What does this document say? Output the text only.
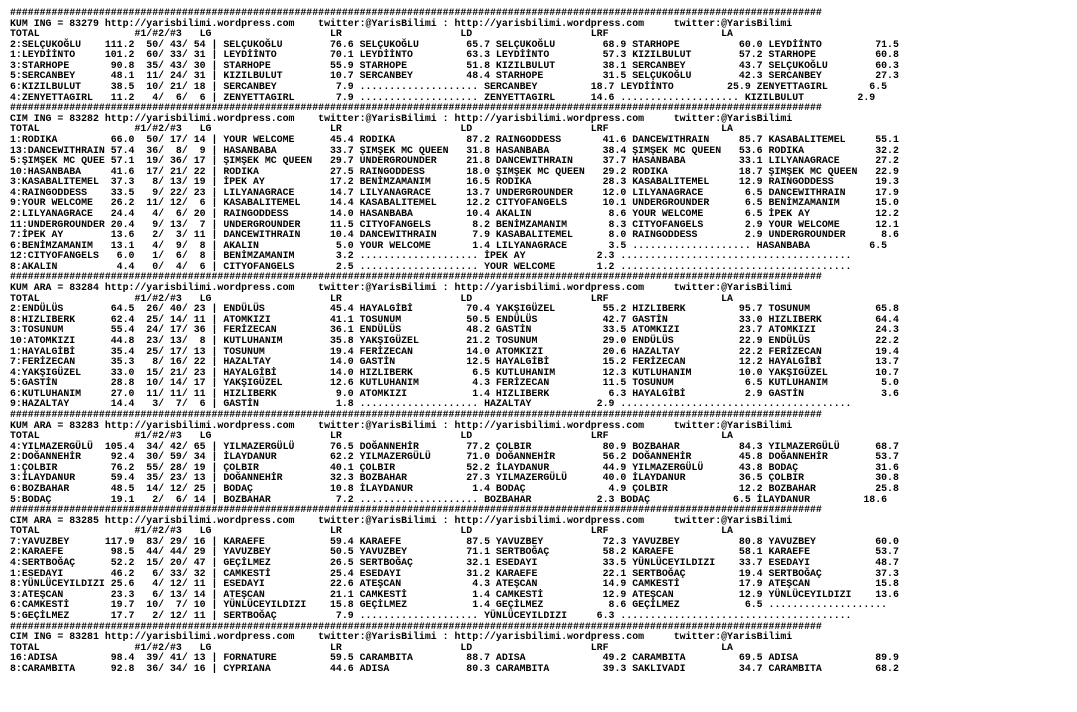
#########################################################################################################################################
KUM ING = 83279 http://yarisbilimi.wordpress.com    twitter:@YarisBilimi : http://yarisbilimi.wordpress.com     twitter:@YarisBilimi
TOTAL                #1/#2/#3   LG                    LR                    LD                    LRF                   LA
2:SELÇUKOĞLU    111.2  50/ 43/ 54 | SELÇUKOĞLU        76.6 SELÇUKOĞLU        65.7 SELÇUKOĞLU        68.9 STARHOPE          60.0 LEYDİİNTO         71.5
1:LEYDİİNTO     101.2  60/ 33/ 31 | LEYDİİNTO         70.1 LEYDİİNTO         63.3 LEYDİİNTO         57.3 KIZILBULUT        57.2 STARHOPE          60.8
3:STARHOPE       90.8  35/ 43/ 30 | STARHOPE          55.9 STARHOPE          51.8 KIZILBULUT        38.1 SERCANBEY         43.7 SELÇUKOĞLU        60.3
5:SERCANBEY      48.1  11/ 24/ 31 | KIZILBULUT        10.7 SERCANBEY         48.4 STARHOPE          31.5 SELÇUKOĞLU        42.3 SERCANBEY         27.3
6:KIZILBULUT     38.5  10/ 21/ 18 | SERCANBEY          7.9 .................... SERCANBEY         18.7 LEYDİİNTO         25.9 ZENYETTAGIRL       6.5
4:ZENYETTAGIRL   11.2   4/  6/  6 | ZENYETTAGIRL       7.9 .................... ZENYETTAGIRL      14.6 .................... KIZILBULUT         2.9
#########################################################################################################################################
CIM ING = 83282 http://yarisbilimi.wordpress.com    twitter:@YarisBilimi : http://yarisbilimi.wordpress.com     twitter:@YarisBilimi
TOTAL                #1/#2/#3   LG                    LR                    LD                    LRF                   LA
1:RODIKA         66.0  50/ 17/ 14 | YOUR WELCOME      45.4 RODIKA            87.2 RAINGODDESS       41.6 DANCEWITHRAIN     85.7 KASABALITEMEL     55.1
13:DANCEWITHRAIN 57.4  36/  8/  9 | HASANBABA         33.7 ŞIMŞEK MC QUEEN   31.8 HASANBABA         38.4 ŞIMŞEK MC QUEEN   53.6 RODIKA            32.2
5:ŞIMŞEK MC QUEE 57.1  19/ 36/ 17 | ŞIMŞEK MC QUEEN   29.7 UNDERGROUNDER     21.8 DANCEWITHRAIN     37.7 HASANBABA         33.1 LILYANAGRACE      27.2
10:HASANBABA     41.6  17/ 21/ 22 | RODIKA            27.5 RAINGODDESS       18.0 ŞIMŞEK MC QUEEN   29.2 RODIKA            18.7 ŞIMŞEK MC QUEEN   22.9
3:KASABALITEMEL  37.3   8/ 13/ 19 | İPEK AY           17.2 BENİMZAMANIM      16.5 RODIKA            28.3 KASABALITEMEL     12.9 RAINGODDESS       19.3
4:RAINGODDESS    33.5   9/ 22/ 23 | LILYANAGRACE      14.7 LILYANAGRACE      13.7 UNDERGROUNDER     12.0 LILYANAGRACE       6.5 DANCEWITHRAIN     17.9
9:YOUR WELCOME   26.2  11/ 12/  6 | KASABALITEMEL     14.4 KASABALITEMEL     12.2 CITYOFANGELS      10.1 UNDERGROUNDER      6.5 BENİMZAMANIM      15.0
2:LILYANAGRACE   24.4   4/  6/ 20 | RAINGODDESS       14.0 HASANBABA         10.4 AKALIN             8.6 YOUR WELCOME       6.5 İPEK AY           12.2
11:UNDERGROUNDER 20.4   9/ 13/  7 | UNDERGROUNDER     11.5 CITYOFANGELS       8.2 BENİMZAMANIM       8.3 CITYOFANGELS       2.9 YOUR WELCOME      12.1
7:İPEK AY        13.6   2/  3/ 11 | DANCEWITHRAIN     10.4 DANCEWITHRAIN      7.9 KASABALITEMEL      8.0 RAINGODDESS        2.9 UNDERGROUNDER      8.6
6:BENİMZAMANIM   13.1   4/  9/  8 | AKALIN             5.0 YOUR WELCOME       1.4 LILYANAGRACE       3.5 .................... HASANBABA          6.5
12:CITYOFANGELS   6.0   1/  6/  8 | BENİMZAMANIM       3.2 .................... İPEK AY            2.3 .......................................
8:AKALIN          4.4   0/  4/  6 | CITYOFANGELS       2.5 .................... YOUR WELCOME       1.2 .......................................
#########################################################################################################################################
KUM ARA = 83284 http://yarisbilimi.wordpress.com    twitter:@YarisBilimi : http://yarisbilimi.wordpress.com     twitter:@YarisBilimi
TOTAL                #1/#2/#3   LG                    LR                    LD                    LRF                   LA
2:ENDÜLÜS        64.5  26/ 40/ 23 | ENDÜLÜS           45.4 HAYALGİBİ         70.4 YAKŞIGÜZEL        55.2 HIZLIBERK         95.7 TOSUNUM           65.8
8:HIZLIBERK      62.4  25/ 14/ 11 | ATOMKIZI          41.1 TOSUNUM           50.5 ENDÜLÜS           42.7 GASTİN            33.0 HIZLIBERK         64.4
3:TOSUNUM        55.4  24/ 17/ 36 | FERİZECAN         36.1 ENDÜLÜS           48.2 GASTİN            33.5 ATOMKIZI          23.7 ATOMKIZI          24.3
10:ATOMKIZI      44.8  23/ 13/  8 | KUTLUHANIM        35.8 YAKŞIGÜZEL        21.2 TOSUNUM           29.0 ENDÜLÜS           22.9 ENDÜLÜS           22.2
1:HAYALGİBİ      35.4  25/ 17/ 13 | TOSUNUM           19.4 FERİZECAN         14.0 ATOMKIZI          20.6 HAZALTAY          22.2 FERİZECAN         19.4
7:FERİZECAN      35.3   8/ 16/ 22 | HAZALTAY          14.0 GASTİN            12.5 HAYALGİBİ         15.2 FERİZECAN         12.2 HAYALGİBİ         13.7
4:YAKŞIGÜZEL     33.0  15/ 21/ 23 | HAYALGİBİ         14.0 HIZLIBERK          6.5 KUTLUHANIM        12.3 KUTLUHANIM        10.0 YAKŞIGÜZEL        10.7
5:GASTİN         28.8  10/ 14/ 17 | YAKŞIGÜZEL        12.6 KUTLUHANIM         4.3 FERİZECAN         11.5 TOSUNUM            6.5 KUTLUHANIM         5.0
6:KUTLUHANIM     27.0  11/ 11/ 11 | HIZLIBERK          9.0 ATOMKIZI           1.4 HIZLIBERK          6.3 HAYALGİBİ          2.9 GASTİN             3.6
9:HAZALTAY       14.4   3/  7/  6 | GASTİN             1.8 .................... HAZALTAY           2.9 .......................................
#########################################################################################################################################
KUM ARA = 83283 http://yarisbilimi.wordpress.com    twitter:@YarisBilimi : http://yarisbilimi.wordpress.com     twitter:@YarisBilimi
TOTAL                #1/#2/#3   LG                    LR                    LD                    LRF                   LA
4:YILMAZERGÜLÜ  105.4  34/ 42/ 65 | YILMAZERGÜLÜ      76.5 DOĞANNEHİR        77.2 ÇOLBIR            80.9 BOZBAHAR          84.3 YILMAZERGÜLÜ      68.7
2:DOĞANNEHİR     92.4  30/ 59/ 34 | İLAYDANUR         62.2 YILMAZERGÜLÜ      71.0 DOĞANNEHİR        56.2 DOĞANNEHİR        45.8 DOĞANNEHİR        53.7
1:ÇOLBIR         76.2  55/ 28/ 19 | ÇOLBIR            40.1 ÇOLBIR            52.2 İLAYDANUR         44.9 YILMAZERGÜLÜ      43.8 BODAÇ             31.6
3:İLAYDANUR      59.4  35/ 23/ 13 | DOĞANNEHİR        32.3 BOZBAHAR          27.3 YILMAZERGÜLÜ      40.0 İLAYDANUR         36.5 ÇOLBIR            30.8
6:BOZBAHAR       48.5  14/ 12/ 25 | BODAÇ             10.8 İLAYDANUR          1.4 BODAÇ              4.9 ÇOLBIR            12.2 BOZBAHAR          25.8
5:BODAÇ          19.1   2/  6/ 14 | BOZBAHAR           7.2 .................... BOZBAHAR           2.3 BODAÇ              6.5 İLAYDANUR         18.6
#########################################################################################################################################
CIM ARA = 83285 http://yarisbilimi.wordpress.com    twitter:@YarisBilimi : http://yarisbilimi.wordpress.com     twitter:@YarisBilimi
TOTAL                #1/#2/#3   LG                    LR                    LD                    LRF                   LA
7:YAVUZBEY      117.9  83/ 29/ 16 | KARAEFE           59.4 KARAEFE           87.5 YAVUZBEY          72.3 YAVUZBEY          80.8 YAVUZBEY          60.0
2:KARAEFE        98.5  44/ 44/ 29 | YAVUZBEY          50.5 YAVUZBEY          71.1 SERTBOĞAÇ         58.2 KARAEFE           58.1 KARAEFE           53.7
4:SERTBOĞAÇ      52.2  15/ 20/ 47 | GEÇİLMEZ          26.5 SERTBOĞAÇ         32.1 ESEDAYI           33.5 YÜNLÜCEYILDIZI    33.7 ESEDAYI           48.7
1:ESEDAYI        46.2   6/ 33/ 32 | CAMKESTİ          25.4 ESEDAYI           31.2 KARAEFE           22.1 SERTBOĞAÇ         19.4 SERTBOĞAÇ         37.3
8:YÜNLÜCEYILDIZI 25.6   4/ 12/ 11 | ESEDAYI           22.6 ATEŞCAN            4.3 ATEŞCAN           14.9 CAMKESTİ          17.9 ATEŞCAN           15.8
3:ATEŞCAN        23.3   6/ 13/ 14 | ATEŞCAN           21.1 CAMKESTİ           1.4 CAMKESTİ          12.9 ATEŞCAN           12.9 YÜNLÜCEYILDIZI    13.6
6:CAMKESTİ       19.7  10/  7/ 10 | YÜNLÜCEYILDIZI    15.8 GEÇİLMEZ           1.4 GEÇİLMEZ           8.6 GEÇİLMEZ           6.5 ....................
5:GEÇİLMEZ       17.7   2/ 12/ 11 | SERTBOĞAÇ          7.9 .................... YÜNLÜCEYILDIZI     6.3 .......................................
#########################################################################################################################################
CIM ING = 83281 http://yarisbilimi.wordpress.com    twitter:@YarisBilimi : http://yarisbilimi.wordpress.com     twitter:@YarisBilimi
TOTAL                #1/#2/#3   LG                    LR                    LD                    LRF                   LA
16:ADISA         98.4  39/ 41/ 13 | FORNATURE         59.5 CARAMBITA         88.7 ADISA             49.2 CARAMBITA         69.5 ADISA             89.9
8:CARAMBITA      92.8  36/ 34/ 16 | CYPRIANA          44.6 ADISA             80.3 CARAMBITA         39.3 SAKLIVADI         34.7 CARAMBITA         68.2
